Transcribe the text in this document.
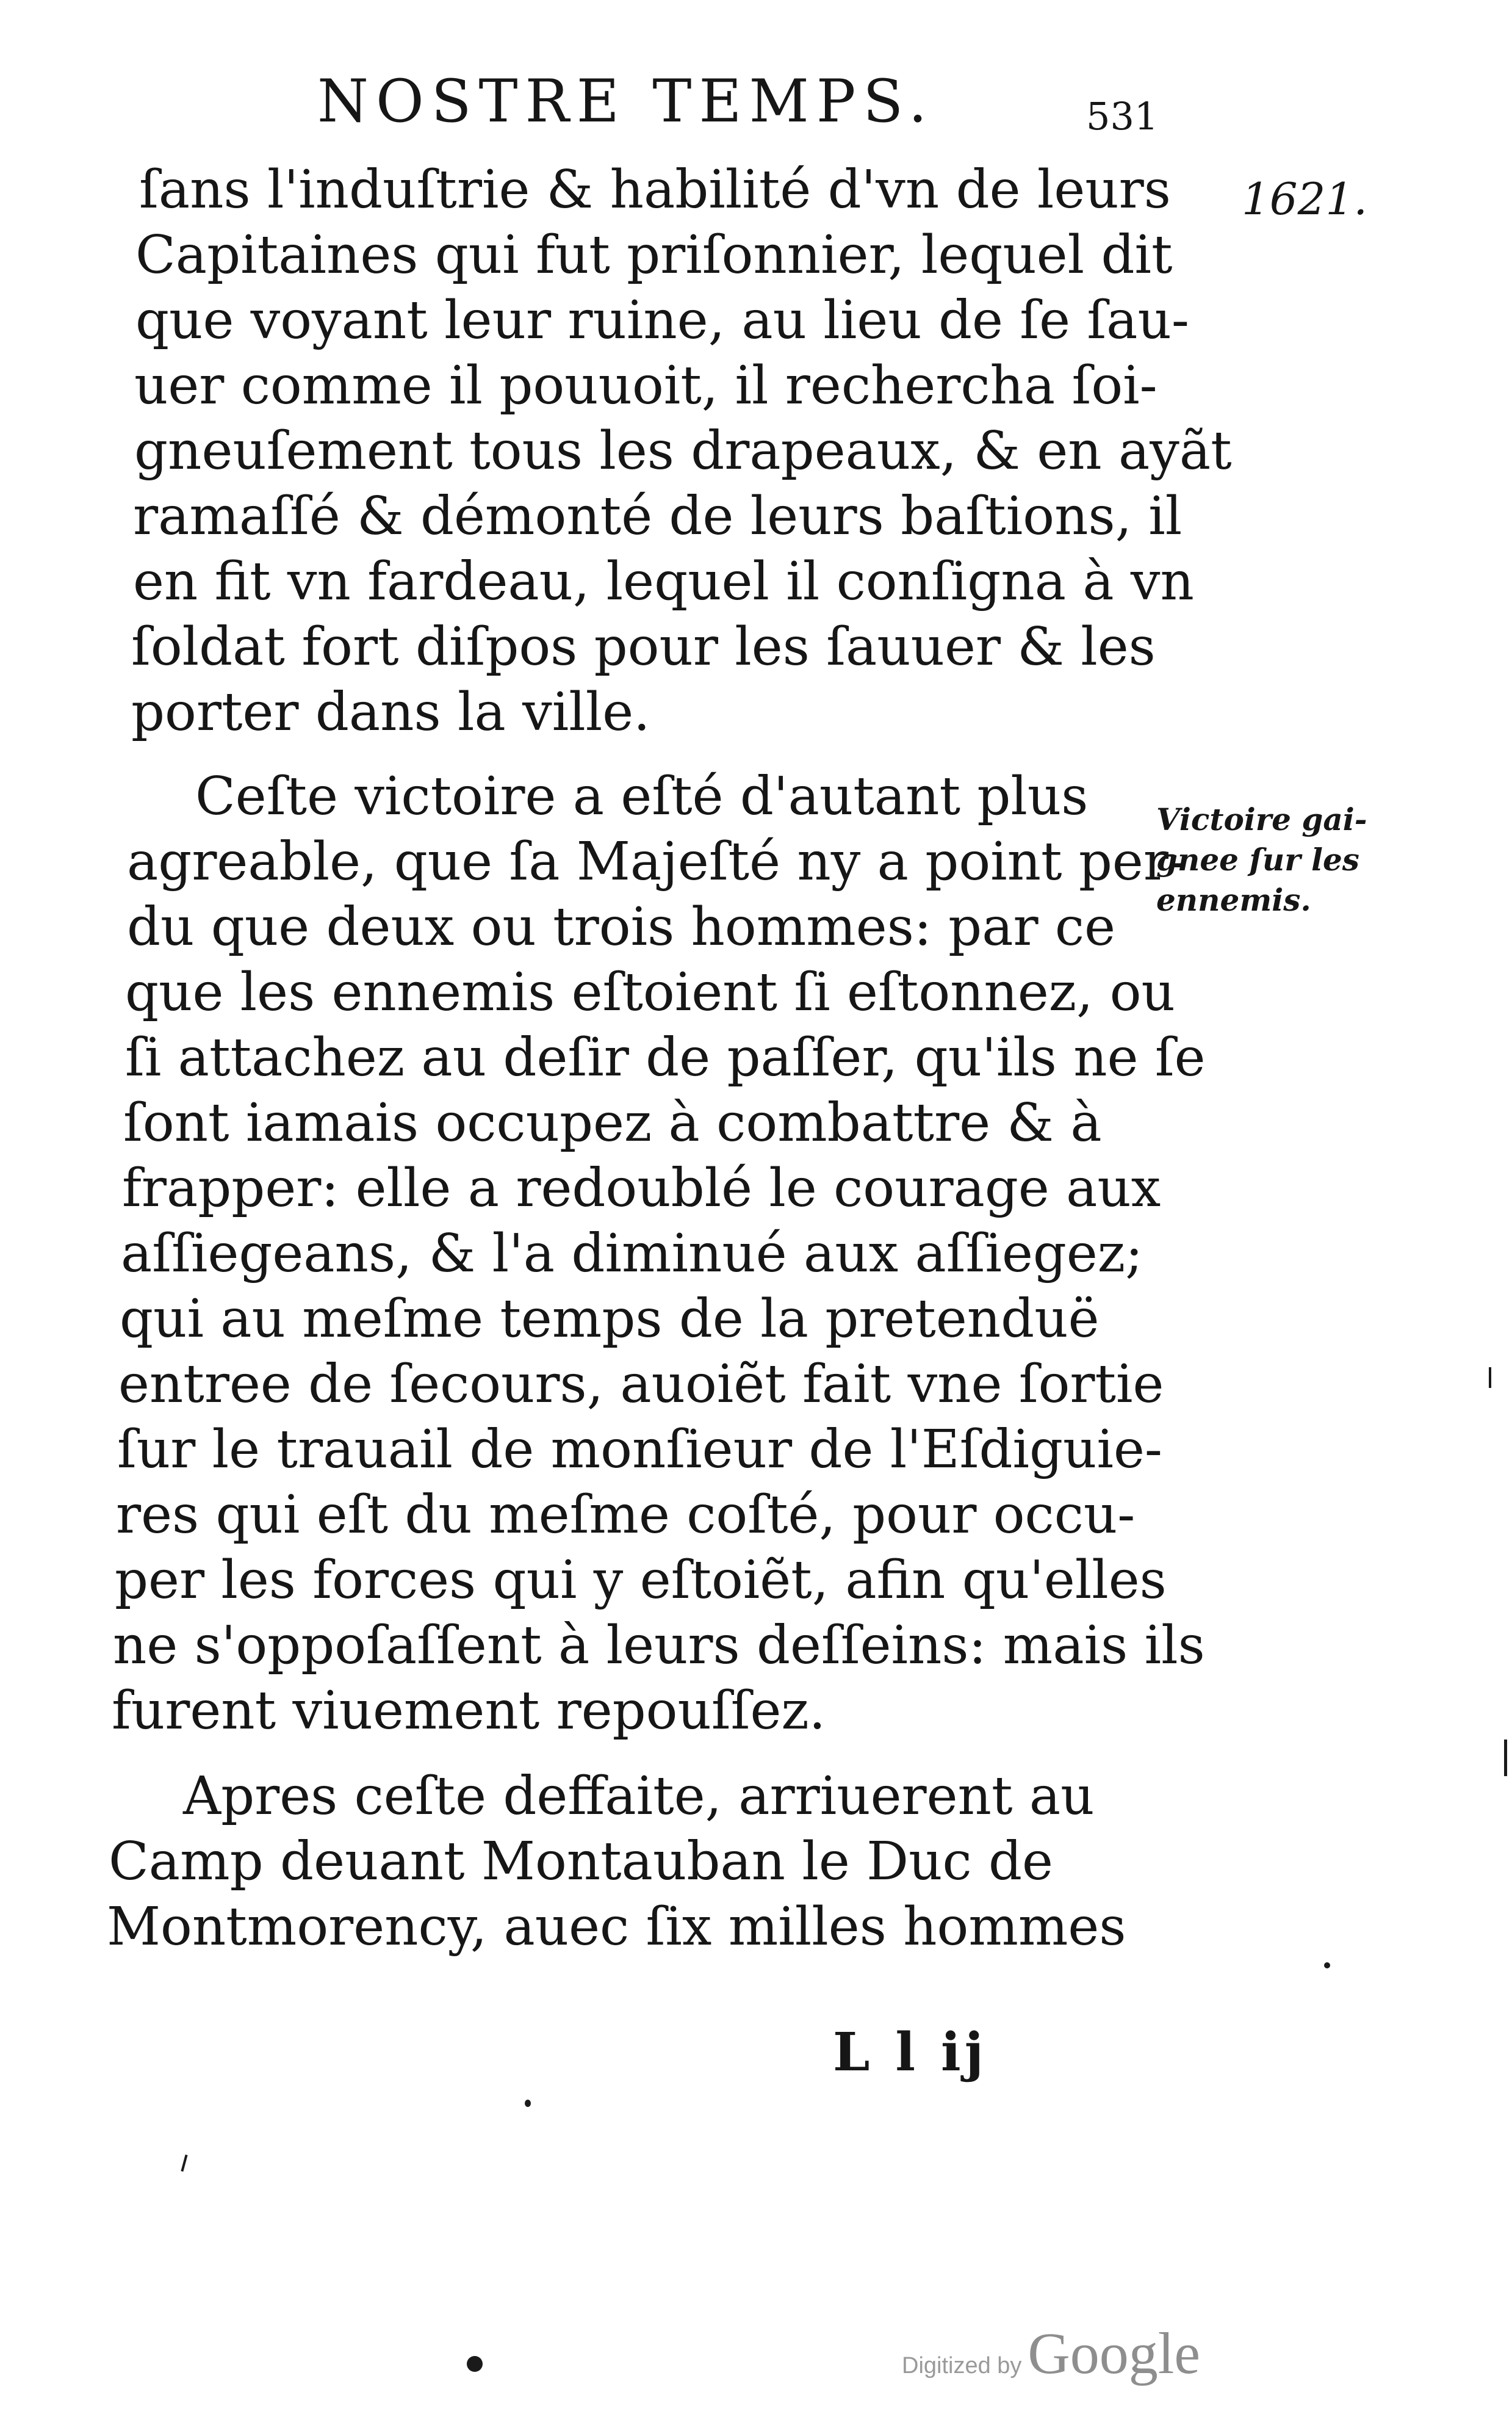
NOSTRE TEMPS.	531
1621.
ſans l'induſtrie & habilité d'vn de leurs
Capitaines qui fut priſonnier, lequel dit
que voyant leur ruine, au lieu de ſe ſau-
uer comme il pouuoit, il rechercha ſoi-
gneuſement tous les drapeaux, & en ayãt
ramaſſé & démonté de leurs baſtions, il
en fit vn fardeau, lequel il conſigna à vn
ſoldat fort diſpos pour les ſauuer & les
porter dans la ville.
Ceſte victoire a eſté d'autant plus
agreable, que ſa Majeſté ny a point per-
du que deux ou trois hommes: par ce
que les ennemis eſtoient ſi eſtonnez, ou
ſi attachez au deſir de paſſer, qu'ils ne ſe
ſont iamais occupez à combattre & à
frapper: elle a redoublé le courage aux
aſſiegeans, & l'a diminué aux aſſiegez;
qui au meſme temps de la pretenduë
entree de ſecours, auoiẽt fait vne ſortie
ſur le trauail de monſieur de l'Eſdiguie-
res qui eſt du meſme coſté, pour occu-
per les forces qui y eſtoiẽt, afin qu'elles
ne s'oppoſaſſent à leurs deſſeins: mais ils
furent viuement repouſſez.
Apres ceſte deffaite, arriuerent au
Camp deuant Montauban le Duc de
Montmorency, auec ſix milles hommes
Victoire gai-
gnee ſur les
ennemis.
L l ij
Digitized by Google
